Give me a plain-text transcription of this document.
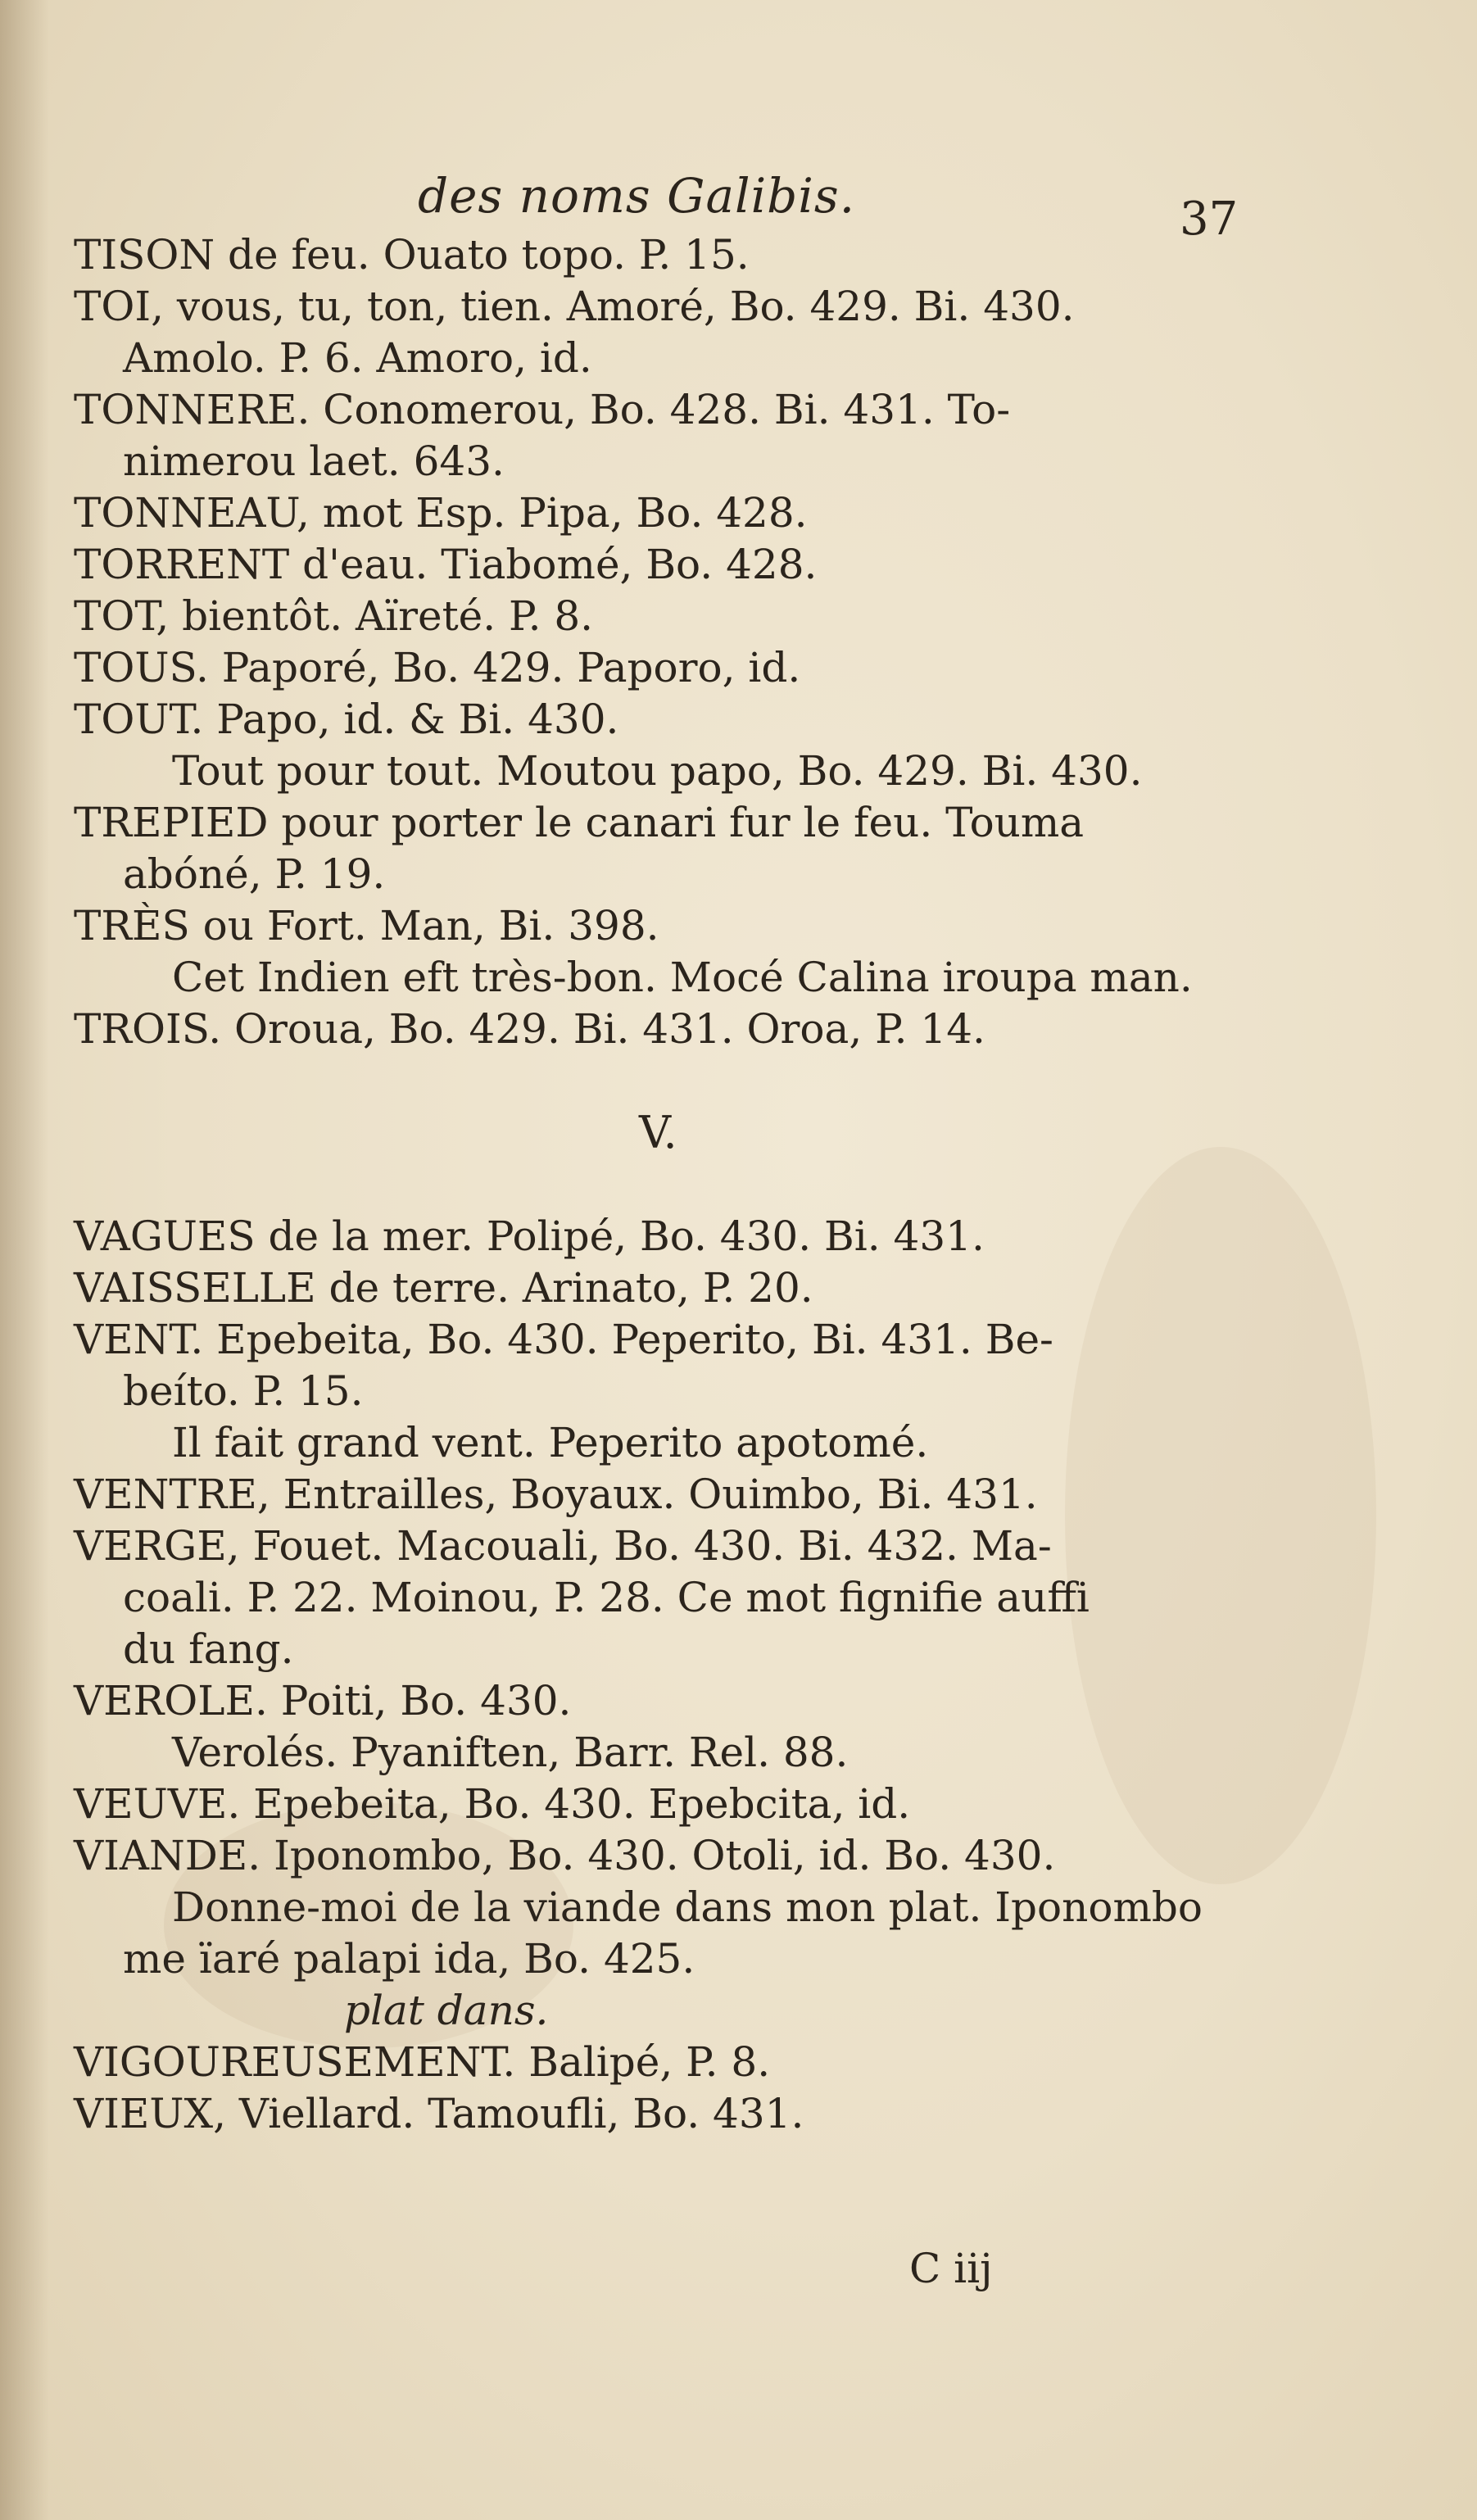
des noms Galibis.	37
TISON de feu. Ouato topo. P. 15.
TOI, vous, tu, ton, tien. Amoré, Bo. 429. Bi. 430.
Amolo. P. 6. Amoro, id.
TONNERE. Conomerou, Bo. 428. Bi. 431. To-
nimerou laet. 643.
TONNEAU, mot Esp. Pipa, Bo. 428.
TORRENT d'eau. Tiabomé, Bo. 428.
TOT, bientôt. Aïreté. P. 8.
TOUS. Paporé, Bo. 429. Paporo, id.
TOUT. Papo, id. & Bi. 430.
Tout pour tout. Moutou papo, Bo. 429. Bi. 430.
TREPIED pour porter le canari fur le feu. Touma
abóné, P. 19.
TRÈS ou Fort. Man, Bi. 398.
Cet Indien eft très-bon. Mocé Calina iroupa man.
TROIS. Oroua, Bo. 429. Bi. 431. Oroa, P. 14.
V.
VAGUES de la mer. Polipé, Bo. 430. Bi. 431.
VAISSELLE de terre. Arinato, P. 20.
VENT. Epebeita, Bo. 430. Peperito, Bi. 431. Be-
beíto. P. 15.
Il fait grand vent. Peperito apotomé.
VENTRE, Entrailles, Boyaux. Ouimbo, Bi. 431.
VERGE, Fouet. Macouali, Bo. 430. Bi. 432. Ma-
coali. P. 22. Moinou, P. 28. Ce mot fignifie auffi
du fang.
VEROLE. Poiti, Bo. 430.
Verolés. Pyaniften, Barr. Rel. 88.
VEUVE. Epebeita, Bo. 430. Epebcita, id.
VIANDE. Iponombo, Bo. 430. Otoli, id. Bo. 430.
Donne-moi de la viande dans mon plat. Iponombo
me ïaré palapi ida, Bo. 425.
plat dans.
VIGOUREUSEMENT. Balipé, P. 8.
VIEUX, Viellard. Tamoufli, Bo. 431.
C iij
